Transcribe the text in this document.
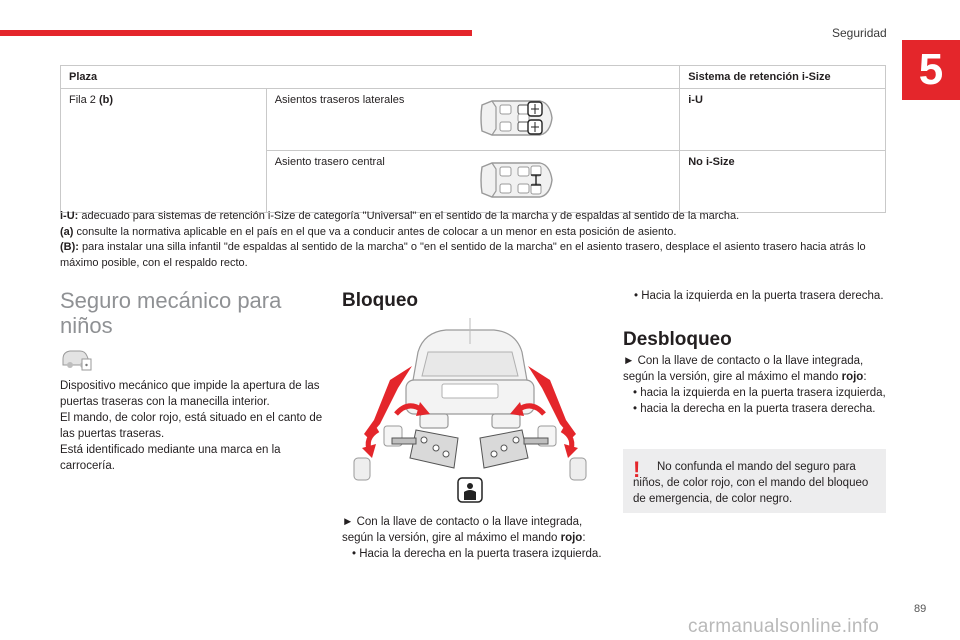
Seguridad
5
Plaza			Sistema de retención i-Size
Fila 2 (b)	Asientos traseros laterales		i-U
	Asiento trasero central		No i-Size
i-U: adecuado para sistemas de retención i-Size de categoría "Universal" en el sentido de la marcha y de espaldas al sentido de la marcha.
(a) consulte la normativa aplicable en el país en el que va a conducir antes de colocar a un menor en esta posición de asiento.
(B): para instalar una silla infantil "de espaldas al sentido de la marcha" o "en el sentido de la marcha" en el asiento trasero, desplace el asiento trasero hacia atrás lo máximo posible, con el respaldo recto.
Seguro mecánico para niños
Dispositivo mecánico que impide la apertura de las puertas traseras con la manecilla interior.
El mando, de color rojo, está situado en el canto de las puertas traseras.
Está identificado mediante una marca en la carrocería.
Bloqueo
► Con la llave de contacto o la llave integrada, según la versión, gire al máximo el mando rojo:
• Hacia la derecha en la puerta trasera izquierda.
• Hacia la izquierda en la puerta trasera derecha.
Desbloqueo
► Con la llave de contacto o la llave integrada, según la versión, gire al máximo el mando rojo:
• hacia la izquierda en la puerta trasera izquierda,
• hacia la derecha en la puerta trasera derecha.
!	No confunda el mando del seguro para niños, de color rojo, con el mando del bloqueo de emergencia, de color negro.
89
carmanualsonline.info
